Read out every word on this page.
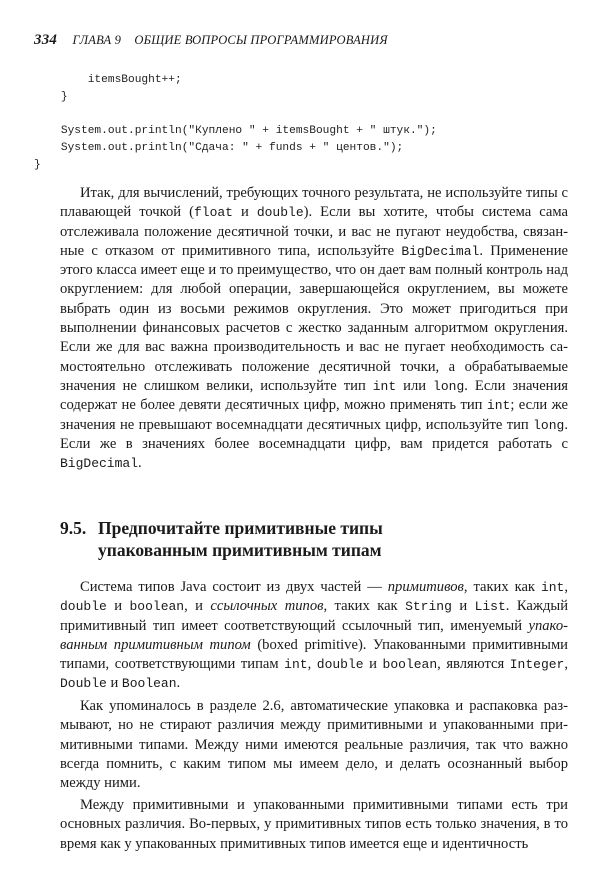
334 ГЛАВА 9 ОБЩИЕ ВОПРОСЫ ПРОГРАММИРОВАНИЯ
itemsBought++;
}

System.out.println("Куплено " + itemsBought + " штук.");
System.out.println("Сдача: " + funds + " центов.");
}

Итак, для вычислений, требующих точного результата, не используйте типы с плавающей точкой (float и double). Если вы хотите, чтобы система сама отслеживала положение десятичной точки, и вас не пугают неудобства, связанные с отказом от примитивного типа, используйте BigDecimal. Применение этого класса имеет еще и то преимущество, что он дает вам полный контроль над округлением: для любой операции, завершающейся округлением, вы можете выбрать один из восьми режимов округления. Это может пригодиться при выполнении финансовых расчетов с жестко заданным алгоритмом округления. Если же для вас важна производительность и вас не пугает необходимость самостоятельно отслеживать положение десятичной точки, а обрабатываемые значения не слишком велики, используйте тип int или long. Если значения содержат не более девяти десятичных цифр, можно применять тип int; если же значения не превышают восемнадцати десятичных цифр, используйте тип long. Если же в значениях более восемнадцати цифр, вам придется работать с BigDecimal.

9.5. Предпочитайте примитивные типы
упакованным примитивным типам

Система типов Java состоит из двух частей — примитивов, таких как int, double и boolean, и ссылочных типов, таких как String и List. Каждый примитивный тип имеет соответствующий ссылочный тип, именуемый упакованным примитивным типом (boxed primitive). Упакованными примитивными типами, соответствующими типам int, double и boolean, являются Integer, Double и Boolean.

Как упоминалось в разделе 2.6, автоматические упаковка и распаковка размывают, но не стирают различия между примитивными и упакованными примитивными типами. Между ними имеются реальные различия, так что важно всегда помнить, с каким типом мы имеем дело, и делать осознанный выбор между ними.

Между примитивными и упакованными примитивными типами есть три основных различия. Во-первых, у примитивных типов есть только значения, в то время как у упакованных примитивных типов имеется еще и идентичность
